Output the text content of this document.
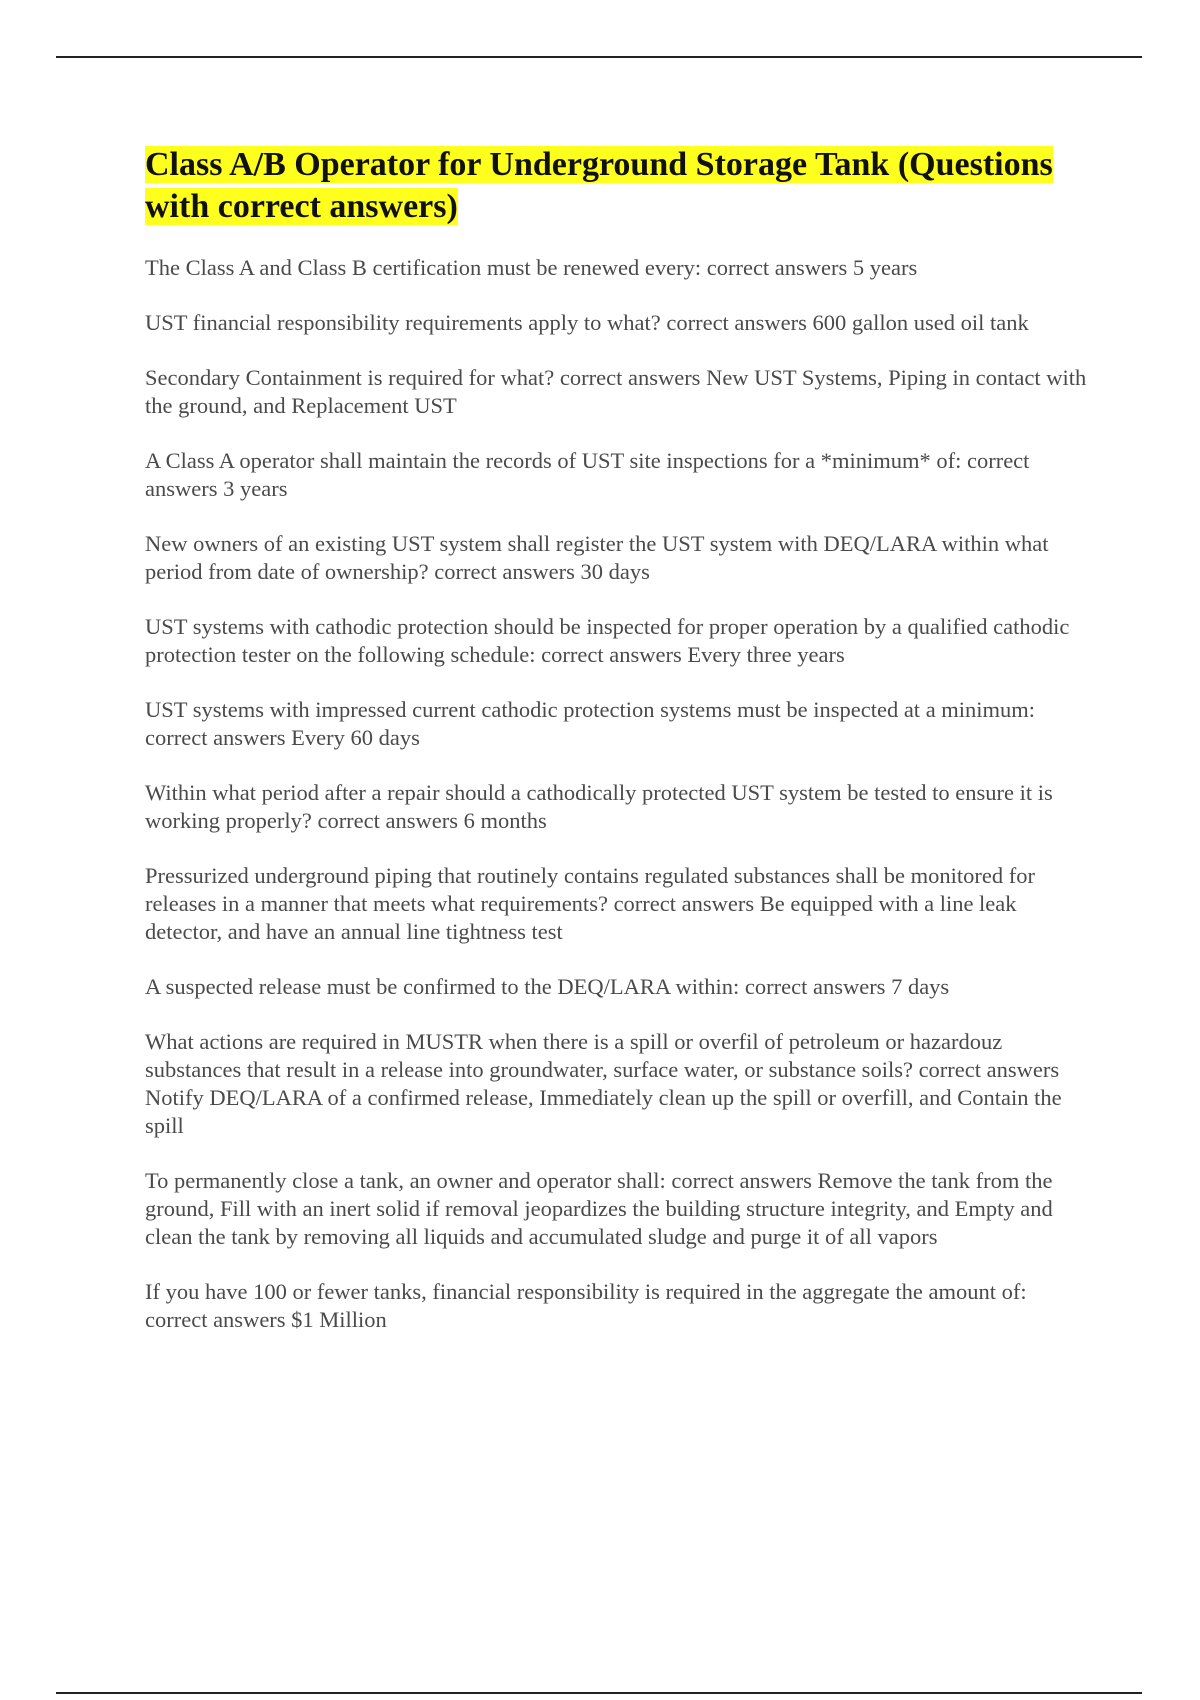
Class A/B Operator for Underground Storage Tank (Questions with correct answers)
The Class A and Class B certification must be renewed every: correct answers 5 years
UST financial responsibility requirements apply to what? correct answers 600 gallon used oil tank
Secondary Containment is required for what? correct answers New UST Systems, Piping in contact with the ground, and Replacement UST
A Class A operator shall maintain the records of UST site inspections for a *minimum* of: correct answers 3 years
New owners of an existing UST system shall register the UST system with DEQ/LARA within what period from date of ownership? correct answers 30 days
UST systems with cathodic protection should be inspected for proper operation by a qualified cathodic protection tester on the following schedule: correct answers Every three years
UST systems with impressed current cathodic protection systems must be inspected at a minimum:correct answers Every 60 days
Within what period after a repair should a cathodically protected UST system be tested to ensure it is working properly? correct answers 6 months
Pressurized underground piping that routinely contains regulated substances shall be monitored for releases in a manner that meets what requirements? correct answers Be equipped with a line leak detector, and have an annual line tightness test
A suspected release must be confirmed to the DEQ/LARA within: correct answers 7 days
What actions are required in MUSTR when there is a spill or overfil of petroleum or hazardouz substances that result in a release into groundwater, surface water, or substance soils? correct answers Notify DEQ/LARA of a confirmed release, Immediately clean up the spill or overfill, and Contain the spill
To permanently close a tank, an owner and operator shall: correct answers Remove the tank from the ground, Fill with an inert solid if removal jeopardizes the building structure integrity, and Empty and clean the tank by removing all liquids and accumulated sludge and purge it of all vapors
If you have 100 or fewer tanks, financial responsibility is required in the aggregate the amount of:correct answers $1 Million
